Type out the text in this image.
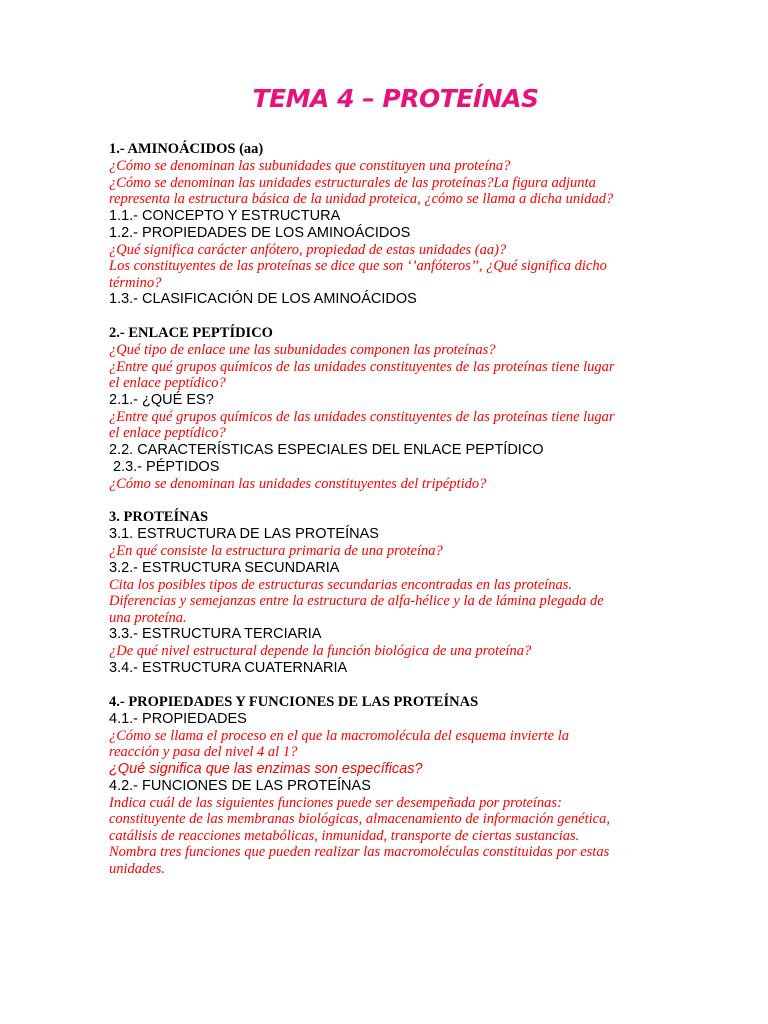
TEMA 4 – PROTEÍNAS

1.- AMINOÁCIDOS (aa)

¿Cómo se denominan las subunidades que constituyen una proteína?

¿Cómo se denominan las unidades estructurales de las proteínas?La figura adjunta

representa la estructura básica de la unidad proteica, ¿cómo se llama a dicha unidad?

1.1.- CONCEPTO Y ESTRUCTURA

1.2.- PROPIEDADES DE LOS AMINOÁCIDOS

¿Qué significa carácter anfótero, propiedad de estas unidades (aa)?

Los constituyentes de las proteínas se dice que son ‘’anfóteros’’, ¿Qué significa dicho

término?

1.3.- CLASIFICACIÓN DE LOS AMINOÁCIDOS

2.- ENLACE PEPTÍDICO

¿Qué tipo de enlace une las subunidades componen las proteínas?

¿Entre qué grupos químicos de las unidades constituyentes de las proteínas tiene lugar

el enlace peptídico?

2.1.- ¿QUÉ ES?

¿Entre qué grupos químicos de las unidades constituyentes de las proteínas tiene lugar

el enlace peptídico?

2.2. CARACTERÍSTICAS ESPECIALES DEL ENLACE PEPTÍDICO

2.3.- PÉPTIDOS

¿Cómo se denominan las unidades constituyentes del tripéptido?

3. PROTEÍNAS

3.1. ESTRUCTURA DE LAS PROTEÍNAS

¿En qué consiste la estructura primaria de una proteína?

3.2.- ESTRUCTURA SECUNDARIA

Cita los posibles tipos de estructuras secundarias encontradas en las proteínas.

Diferencias y semejanzas entre la estructura de alfa-hélice y la de lámina plegada de

una proteína.

3.3.- ESTRUCTURA TERCIARIA

¿De qué nivel estructural depende la función biológica de una proteína?

3.4.- ESTRUCTURA CUATERNARIA

4.- PROPIEDADES Y FUNCIONES DE LAS PROTEÍNAS

4.1.- PROPIEDADES

¿Cómo se llama el proceso en el que la macromolécula del esquema invierte la

reacción y pasa del nivel 4 al 1?

¿Qué significa que las enzimas son específicas?

4.2.- FUNCIONES DE LAS PROTEÍNAS

Indica cuál de las siguientes funciones puede ser desempeñada por proteínas:

constituyente de las membranas biológicas, almacenamiento de información genética,

catálisis de reacciones metabólicas, inmunidad, transporte de ciertas sustancias.

Nombra tres funciones que pueden realizar las macromoléculas constituidas por estas

unidades.
